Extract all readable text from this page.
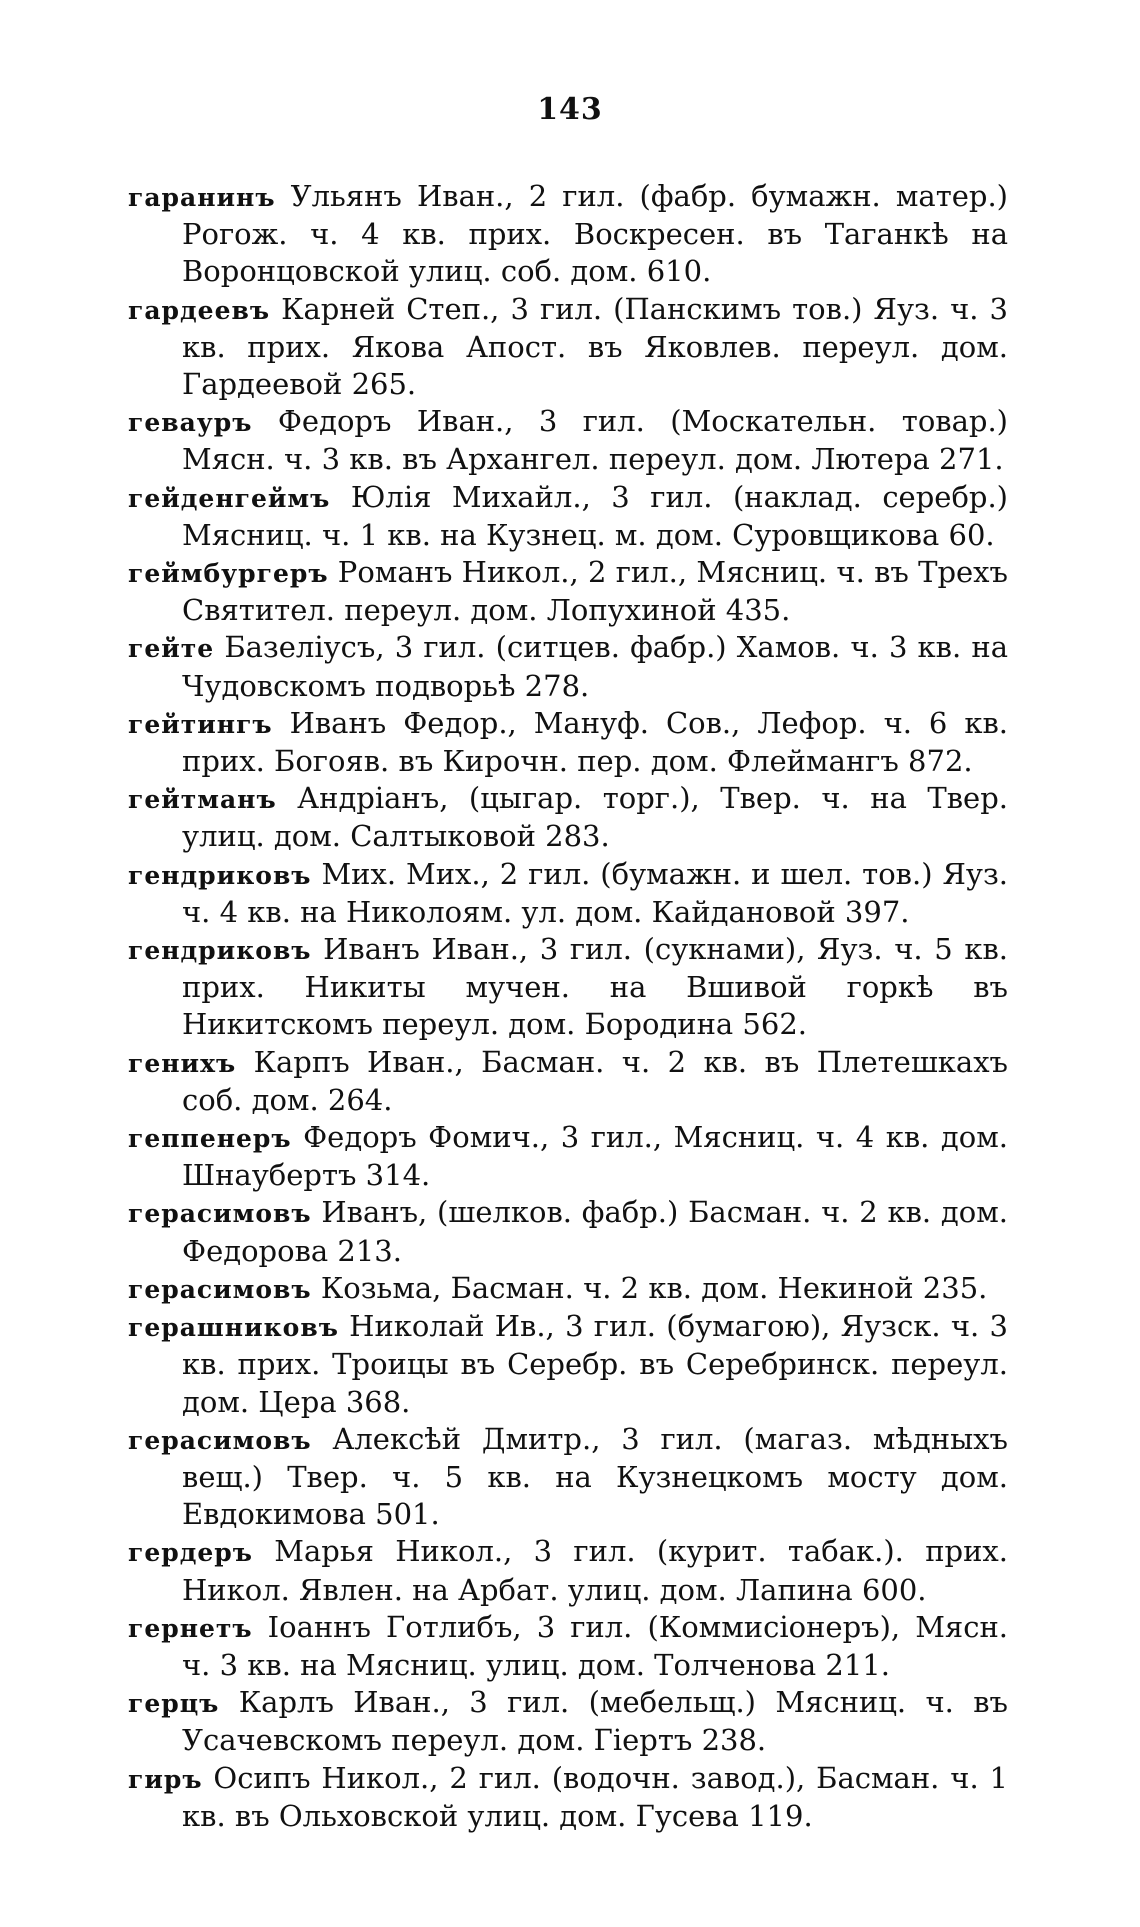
143

гаранинъ Ульянъ Иван., 2 гил. (фабр. бумажн. матер.) Рогож. ч. 4 кв. прих. Воскресен. въ Таганкѣ на Воронцовской улиц. соб. дом. 610.

гардеевъ Карней Степ., 3 гил. (Панскимъ тов.) Яуз. ч. 3 кв. прих. Якова Апост. въ Яковлев. переул. дом. Гардеевой 265.

гевауръ Федоръ Иван., 3 гил. (Москательн. товар.) Мясн. ч. 3 кв. въ Архангел. переул. дом. Лютера 271.

гейденгеймъ Юлія Михайл., 3 гил. (наклад. серебр.) Мясниц. ч. 1 кв. на Кузнец. м. дом. Суровщикова 60.

геймбургеръ Романъ Никол., 2 гил., Мясниц. ч. въ Трехъ Святител. переул. дом. Лопухиной 435.

гейте Базеліусъ, 3 гил. (ситцев. фабр.) Хамов. ч. 3 кв. на Чудовскомъ подворьѣ 278.

гейтингъ Иванъ Федор., Мануф. Сов., Лефор. ч. 6 кв. прих. Богояв. въ Кирочн. пер. дом. Флеймангъ 872.

гейтманъ Андріанъ, (цыгар. торг.), Твер. ч. на Твер. улиц. дом. Салтыковой 283.

гендриковъ Мих. Мих., 2 гил. (бумажн. и шел. тов.) Яуз. ч. 4 кв. на Николоям. ул. дом. Кайдановой 397.

гендриковъ Иванъ Иван., 3 гил. (сукнами), Яуз. ч. 5 кв. прих. Никиты мучен. на Вшивой горкѣ въ Никитскомъ переул. дом. Бородина 562.

гениxъ Карпъ Иван., Басман. ч. 2 кв. въ Плетешкахъ соб. дом. 264.

геппенеръ Федоръ Фомич., 3 гил., Мясниц. ч. 4 кв. дом. Шнаубертъ 314.

герасимовъ Иванъ, (шелков. фабр.) Басман. ч. 2 кв. дом. Федорова 213.

герасимовъ Козьма, Басман. ч. 2 кв. дом. Некиной 235.

герашниковъ Николай Ив., 3 гил. (бумагою), Яузск. ч. 3 кв. прих. Троицы въ Серебр. въ Серебринск. переул. дом. Цера 368.

герасимовъ Алексѣй Дмитр., 3 гил. (магаз. мѣдныхъ вещ.) Твер. ч. 5 кв. на Кузнецкомъ мосту дом. Евдокимова 501.

гердеръ Марья Никол., 3 гил. (курит. табак.). прих. Никол. Явлен. на Арбат. улиц. дом. Лапина 600.

гернетъ Іоаннъ Готлибъ, 3 гил. (Коммисіонеръ), Мясн. ч. 3 кв. на Мясниц. улиц. дом. Толченова 211.

герцъ Карлъ Иван., 3 гил. (мебельщ.) Мясниц. ч. въ Усачевскомъ переул. дом. Гіертъ 238.

гиръ Осипъ Никол., 2 гил. (водочн. завод.), Басман. ч. 1 кв. въ Ольховской улиц. дом. Гусева 119.
